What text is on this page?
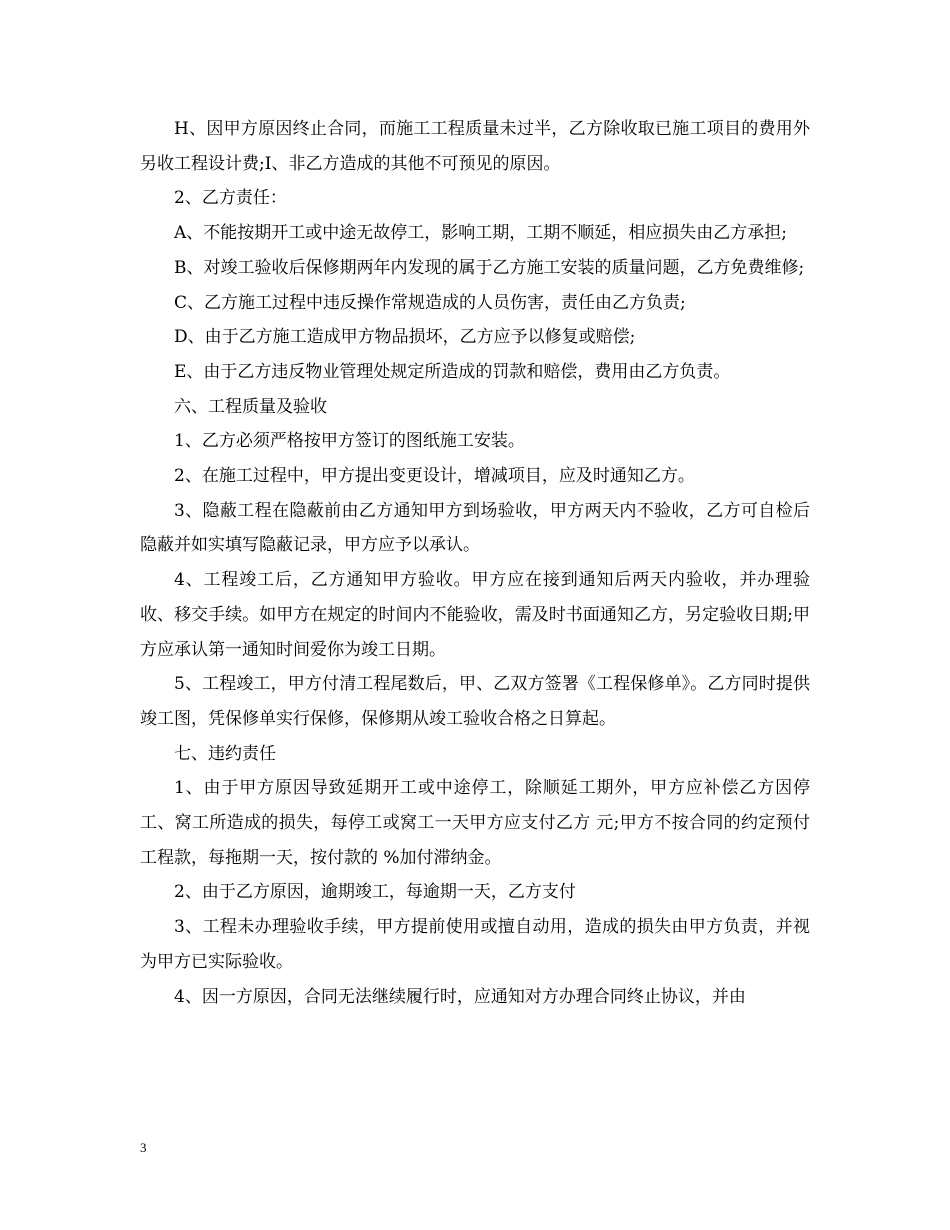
H、因甲方原因终止合同，而施工工程质量未过半，乙方除收取已施工项目的费用外另收工程设计费;I、非乙方造成的其他不可预见的原因。

2、乙方责任：

A、不能按期开工或中途无故停工，影响工期，工期不顺延，相应损失由乙方承担;

B、对竣工验收后保修期两年内发现的属于乙方施工安装的质量问题，乙方免费维修;

C、乙方施工过程中违反操作常规造成的人员伤害，责任由乙方负责;

D、由于乙方施工造成甲方物品损坏，乙方应予以修复或赔偿;

E、由于乙方违反物业管理处规定所造成的罚款和赔偿，费用由乙方负责。

六、工程质量及验收

1、乙方必须严格按甲方签订的图纸施工安装。

2、在施工过程中，甲方提出变更设计，增减项目，应及时通知乙方。

3、隐蔽工程在隐蔽前由乙方通知甲方到场验收，甲方两天内不验收，乙方可自检后隐蔽并如实填写隐蔽记录，甲方应予以承认。

4、工程竣工后，乙方通知甲方验收。甲方应在接到通知后两天内验收，并办理验收、移交手续。如甲方在规定的时间内不能验收，需及时书面通知乙方，另定验收日期;甲方应承认第一通知时间爱你为竣工日期。

5、工程竣工，甲方付清工程尾数后，甲、乙双方签署《工程保修单》。乙方同时提供竣工图，凭保修单实行保修，保修期从竣工验收合格之日算起。

七、违约责任

1、由于甲方原因导致延期开工或中途停工，除顺延工期外，甲方应补偿乙方因停工、窝工所造成的损失，每停工或窝工一天甲方应支付乙方 元;甲方不按合同的约定预付工程款，每拖期一天，按付款的 %加付滞纳金。

2、由于乙方原因，逾期竣工，每逾期一天，乙方支付

3、工程未办理验收手续，甲方提前使用或擅自动用，造成的损失由甲方负责，并视为甲方已实际验收。

4、因一方原因，合同无法继续履行时，应通知对方办理合同终止协议，并由

3
